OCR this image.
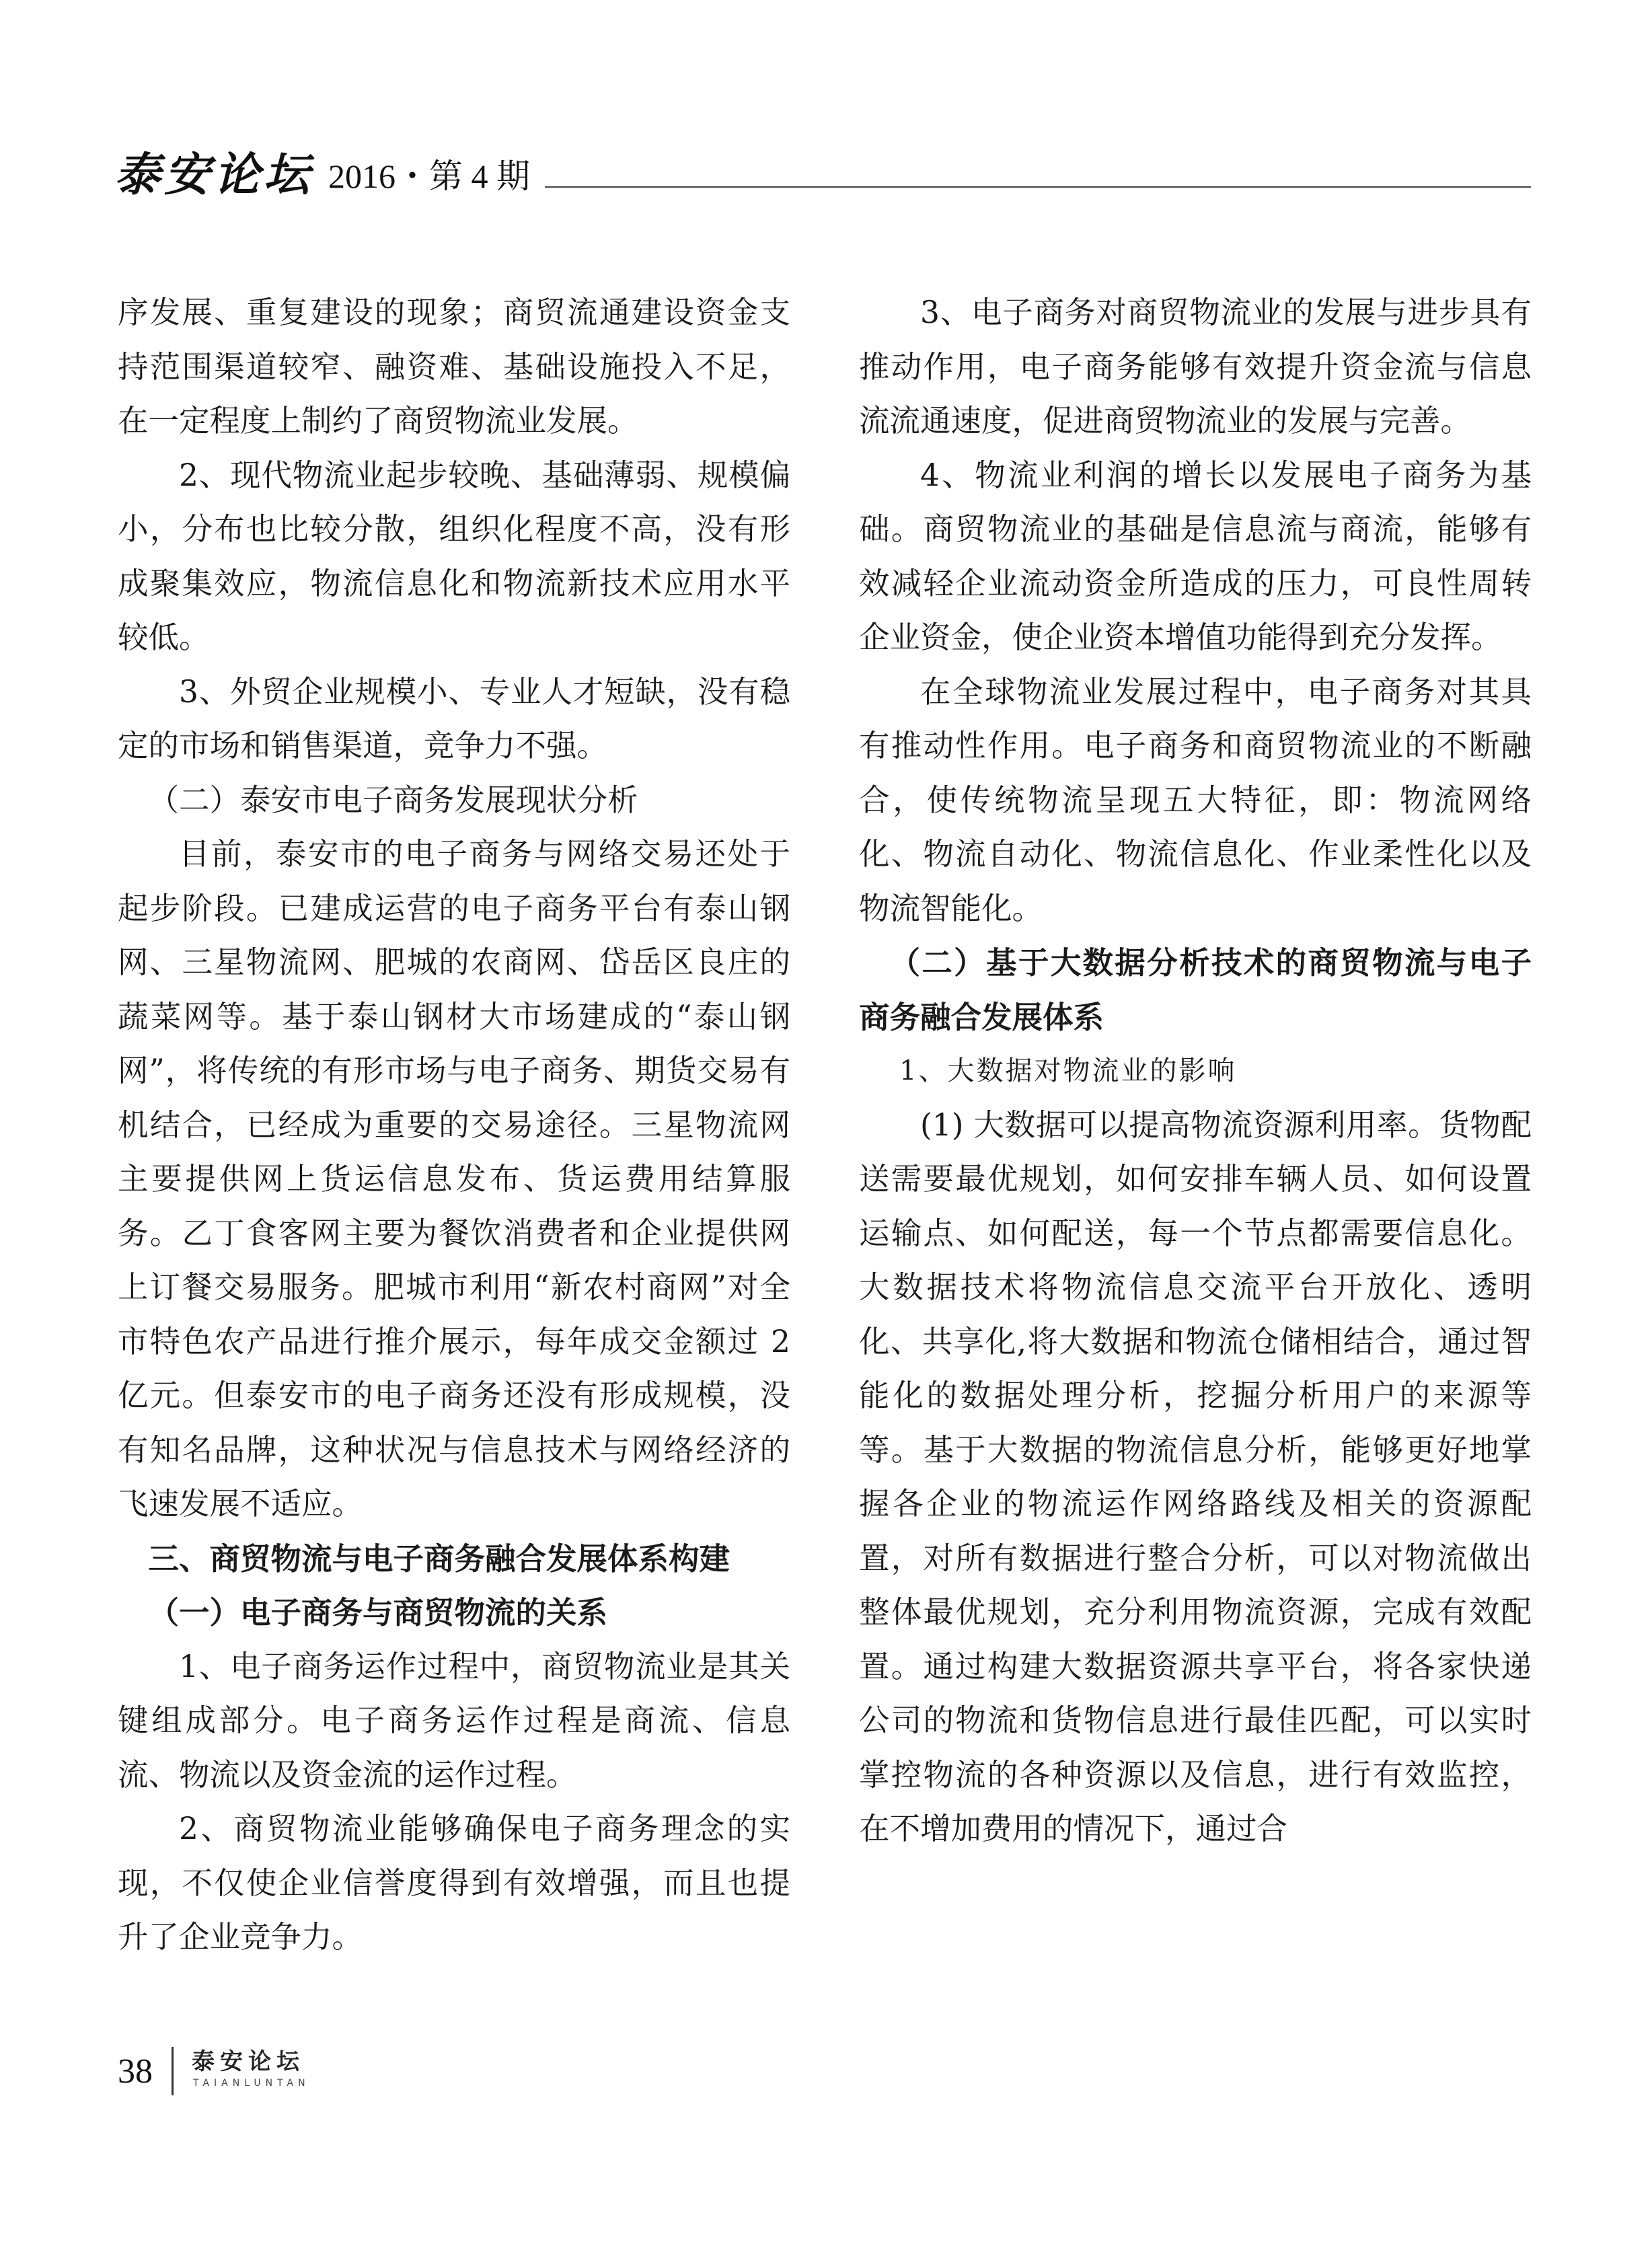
泰安论坛 2016・第 4 期

序发展、重复建设的现象；商贸流通建设资金支持范围渠道较窄、融资难、基础设施投入不足，在一定程度上制约了商贸物流业发展。

2、现代物流业起步较晚、基础薄弱、规模偏小，分布也比较分散，组织化程度不高，没有形成聚集效应，物流信息化和物流新技术应用水平较低。

3、外贸企业规模小、专业人才短缺，没有稳定的市场和销售渠道，竞争力不强。

（二）泰安市电子商务发展现状分析

目前，泰安市的电子商务与网络交易还处于起步阶段。已建成运营的电子商务平台有泰山钢网、三星物流网、肥城的农商网、岱岳区良庄的蔬菜网等。基于泰山钢材大市场建成的“泰山钢网”，将传统的有形市场与电子商务、期货交易有机结合，已经成为重要的交易途径。三星物流网主要提供网上货运信息发布、货运费用结算服务。乙丁食客网主要为餐饮消费者和企业提供网上订餐交易服务。肥城市利用“新农村商网”对全市特色农产品进行推介展示，每年成交金额过 2 亿元。但泰安市的电子商务还没有形成规模，没有知名品牌，这种状况与信息技术与网络经济的飞速发展不适应。

三、商贸物流与电子商务融合发展体系构建

（一）电子商务与商贸物流的关系

1、电子商务运作过程中，商贸物流业是其关键组成部分。电子商务运作过程是商流、信息流、物流以及资金流的运作过程。

2、商贸物流业能够确保电子商务理念的实现，不仅使企业信誉度得到有效增强，而且也提升了企业竞争力。

3、电子商务对商贸物流业的发展与进步具有推动作用，电子商务能够有效提升资金流与信息流流通速度，促进商贸物流业的发展与完善。

4、物流业利润的增长以发展电子商务为基础。商贸物流业的基础是信息流与商流，能够有效减轻企业流动资金所造成的压力，可良性周转企业资金，使企业资本增值功能得到充分发挥。

在全球物流业发展过程中，电子商务对其具有推动性作用。电子商务和商贸物流业的不断融合，使传统物流呈现五大特征，即：物流网络化、物流自动化、物流信息化、作业柔性化以及物流智能化。

（二）基于大数据分析技术的商贸物流与电子商务融合发展体系

1、大数据对物流业的影响

(1) 大数据可以提高物流资源利用率。货物配送需要最优规划，如何安排车辆人员、如何设置运输点、如何配送，每一个节点都需要信息化。大数据技术将物流信息交流平台开放化、透明化、共享化,将大数据和物流仓储相结合，通过智能化的数据处理分析，挖掘分析用户的来源等等。基于大数据的物流信息分析，能够更好地掌握各企业的物流运作网络路线及相关的资源配置，对所有数据进行整合分析，可以对物流做出整体最优规划，充分利用物流资源，完成有效配置。通过构建大数据资源共享平台，将各家快递公司的物流和货物信息进行最佳匹配，可以实时掌控物流的各种资源以及信息，进行有效监控，在不增加费用的情况下，通过合

38 泰安论坛
TAIANLUNTAN
